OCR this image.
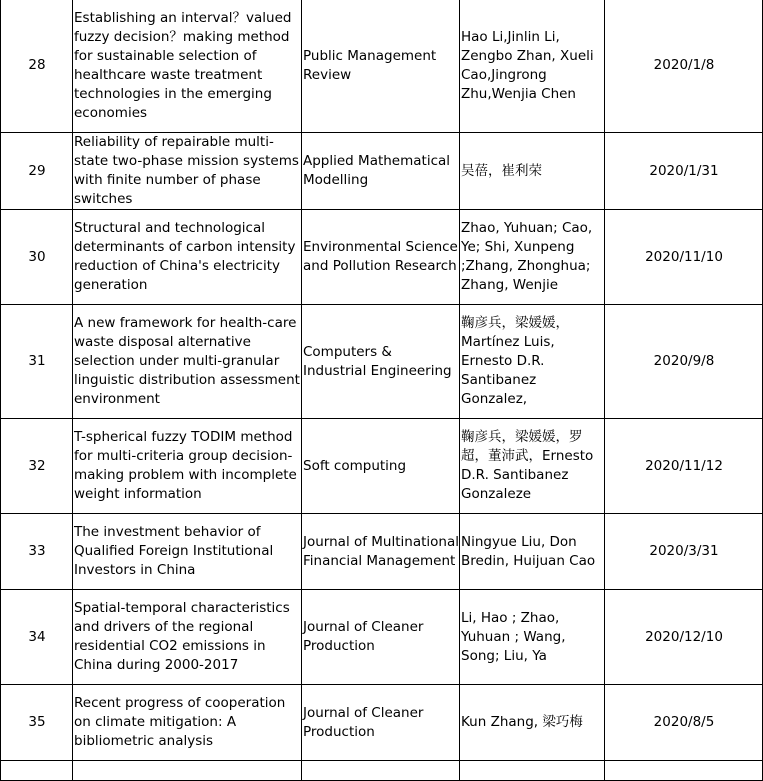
28	Establishing an interval？valued fuzzy decision？making method for sustainable selection of healthcare waste treatment technologies in the emerging economies	Public Management Review	Hao Li,Jinlin Li, Zengbo Zhan, Xueli Cao,Jingrong Zhu,Wenjia Chen	2020/1/8
29	Reliability of repairable multi-state two-phase mission systems with finite number of phase switches	Applied Mathematical Modelling	吴蓓，崔利荣	2020/1/31
30	Structural and technological determinants of carbon intensity reduction of China's electricity generation	Environmental Science and Pollution Research	Zhao, Yuhuan; Cao, Ye; Shi, Xunpeng ;Zhang, Zhonghua; Zhang, Wenjie	2020/11/10
31	A new framework for health-care waste disposal alternative selection under multi-granular linguistic distribution assessment environment	Computers & Industrial Engineering	鞠彦兵，梁媛媛，Martínez Luis, Ernesto D.R. Santibanez Gonzalez,	2020/9/8
32	T-spherical fuzzy TODIM method for multi-criteria group decision-making problem with incomplete weight information	Soft computing	鞠彦兵，梁媛媛，罗超，董沛武，Ernesto D.R. Santibanez Gonzaleze	2020/11/12
33	The investment behavior of Qualified Foreign Institutional Investors in China	Journal of Multinational Financial Management	Ningyue Liu, Don Bredin, Huijuan Cao	2020/3/31
34	Spatial-temporal characteristics and drivers of the regional residential CO2 emissions in China during 2000-2017	Journal of Cleaner Production	Li, Hao ; Zhao, Yuhuan ; Wang, Song; Liu, Ya	2020/12/10
35	Recent progress of cooperation on climate mitigation: A bibliometric analysis	Journal of Cleaner Production	Kun Zhang, 梁巧梅	2020/8/5
